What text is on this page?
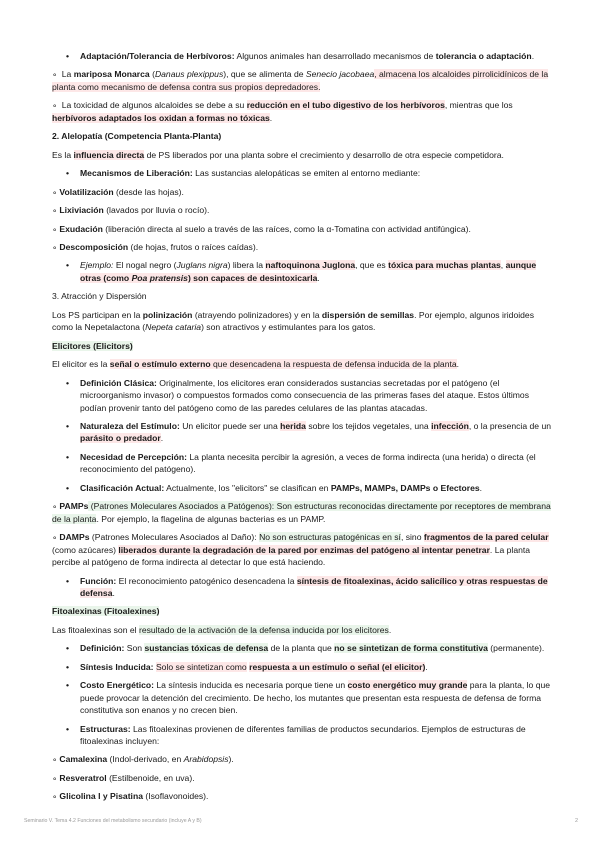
• Adaptación/Tolerancia de Herbívoros: Algunos animales han desarrollado mecanismos de tolerancia o adaptación.

∘ La mariposa Monarca (Danaus plexippus), que se alimenta de Senecio jacobaea, almacena los alcaloides pirrolicidínicos de la planta como mecanismo de defensa contra sus propios depredadores.

∘ La toxicidad de algunos alcaloides se debe a su reducción en el tubo digestivo de los herbívoros, mientras que los herbívoros adaptados los oxidan a formas no tóxicas.

2. Alelopatía (Competencia Planta-Planta)

Es la influencia directa de PS liberados por una planta sobre el crecimiento y desarrollo de otra especie competidora.

• Mecanismos de Liberación: Las sustancias alelopáticas se emiten al entorno mediante:

∘ Volatilización (desde las hojas).

∘ Lixiviación (lavados por lluvia o rocío).

∘ Exudación (liberación directa al suelo a través de las raíces, como la α-Tomatina con actividad antifúngica).

∘ Descomposición (de hojas, frutos o raíces caídas).

• Ejemplo: El nogal negro (Juglans nigra) libera la naftoquinona Juglona, que es tóxica para muchas plantas, aunque otras (como Poa pratensis) son capaces de desintoxicarla.

3. Atracción y Dispersión

Los PS participan en la polinización (atrayendo polinizadores) y en la dispersión de semillas. Por ejemplo, algunos iridoides como la Nepetalactona (Nepeta cataria) son atractivos y estimulantes para los gatos.

Elicitores (Elicitors)

El elicitor es la señal o estímulo externo que desencadena la respuesta de defensa inducida de la planta.

• Definición Clásica: Originalmente, los elicitores eran considerados sustancias secretadas por el patógeno (el microorganismo invasor) o compuestos formados como consecuencia de las primeras fases del ataque. Estos últimos podían provenir tanto del patógeno como de las paredes celulares de las plantas atacadas.
• Naturaleza del Estímulo: Un elicitor puede ser una herida sobre los tejidos vegetales, una infección, o la presencia de un parásito o predador.
• Necesidad de Percepción: La planta necesita percibir la agresión, a veces de forma indirecta (una herida) o directa (el reconocimiento del patógeno).
• Clasificación Actual: Actualmente, los "elicitors" se clasifican en PAMPs, MAMPs, DAMPs o Efectores.

∘ PAMPs (Patrones Moleculares Asociados a Patógenos): Son estructuras reconocidas directamente por receptores de membrana de la planta. Por ejemplo, la flagelina de algunas bacterias es un PAMP.

∘ DAMPs (Patrones Moleculares Asociados al Daño): No son estructuras patogénicas en sí, sino fragmentos de la pared celular (como azúcares) liberados durante la degradación de la pared por enzimas del patógeno al intentar penetrar. La planta percibe al patógeno de forma indirecta al detectar lo que está haciendo.

• Función: El reconocimiento patogénico desencadena la síntesis de fitoalexinas, ácido salicílico y otras respuestas de defensa.

Fitoalexinas (Fitoalexines)

Las fitoalexinas son el resultado de la activación de la defensa inducida por los elicitores.

• Definición: Son sustancias tóxicas de defensa de la planta que no se sintetizan de forma constitutiva (permanente).
• Síntesis Inducida: Solo se sintetizan como respuesta a un estímulo o señal (el elicitor).
• Costo Energético: La síntesis inducida es necesaria porque tiene un costo energético muy grande para la planta, lo que puede provocar la detención del crecimiento. De hecho, los mutantes que presentan esta respuesta de defensa de forma constitutiva son enanos y no crecen bien.
• Estructuras: Las fitoalexinas provienen de diferentes familias de productos secundarios. Ejemplos de estructuras de fitoalexinas incluyen:

∘ Camalexina (Indol-derivado, en Arabidopsis).

∘ Resveratrol (Estilbenoide, en uva).

∘ Glicolina I y Pisatina (Isoflavonoides).

Seminario V. Tema 4.2 Funciones del metabolismo secundario (incluye A y B)	2
